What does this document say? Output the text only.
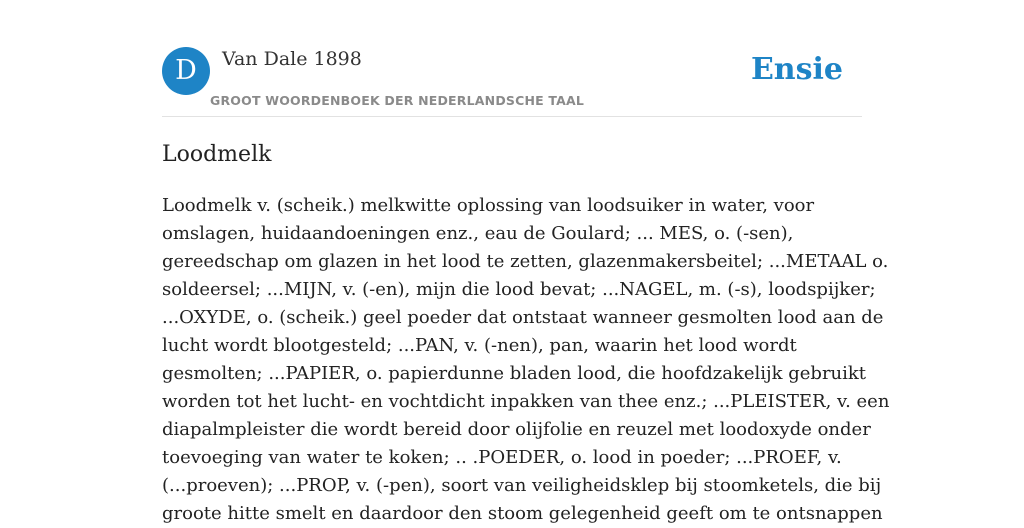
D	Van Dale 1898
GROOT WOORDENBOEK DER NEDERLANDSCHE TAAL
Ensie
Loodmelk
Loodmelk v. (scheik.) melkwitte oplossing van loodsuiker in water, voor
omslagen, huidaandoeningen enz., eau de Goulard; ... MES, o. (-sen),
gereedschap om glazen in het lood te zetten, glazenmakersbeitel; ...METAAL o.
soldeersel; ...MIJN, v. (-en), mijn die lood bevat; ...NAGEL, m. (-s), loodspijker;
...OXYDE, o. (scheik.) geel poeder dat ontstaat wanneer gesmolten lood aan de
lucht wordt blootgesteld; ...PAN, v. (-nen), pan, waarin het lood wordt
gesmolten; ...PAPIER, o. papierdunne bladen lood, die hoofdzakelijk gebruikt
worden tot het lucht- en vochtdicht inpakken van thee enz.; ...PLEISTER, v. een
diapalmpleister die wordt bereid door olijfolie en reuzel met loodoxyde onder
toevoeging van water te koken; .. .POEDER, o. lood in poeder; ...PROEF, v.
(...proeven); ...PROP, v. (-pen), soort van veiligheidsklep bij stoomketels, die bij
groote hitte smelt en daardoor den stoom gelegenheid geeft om te ontsnappen
